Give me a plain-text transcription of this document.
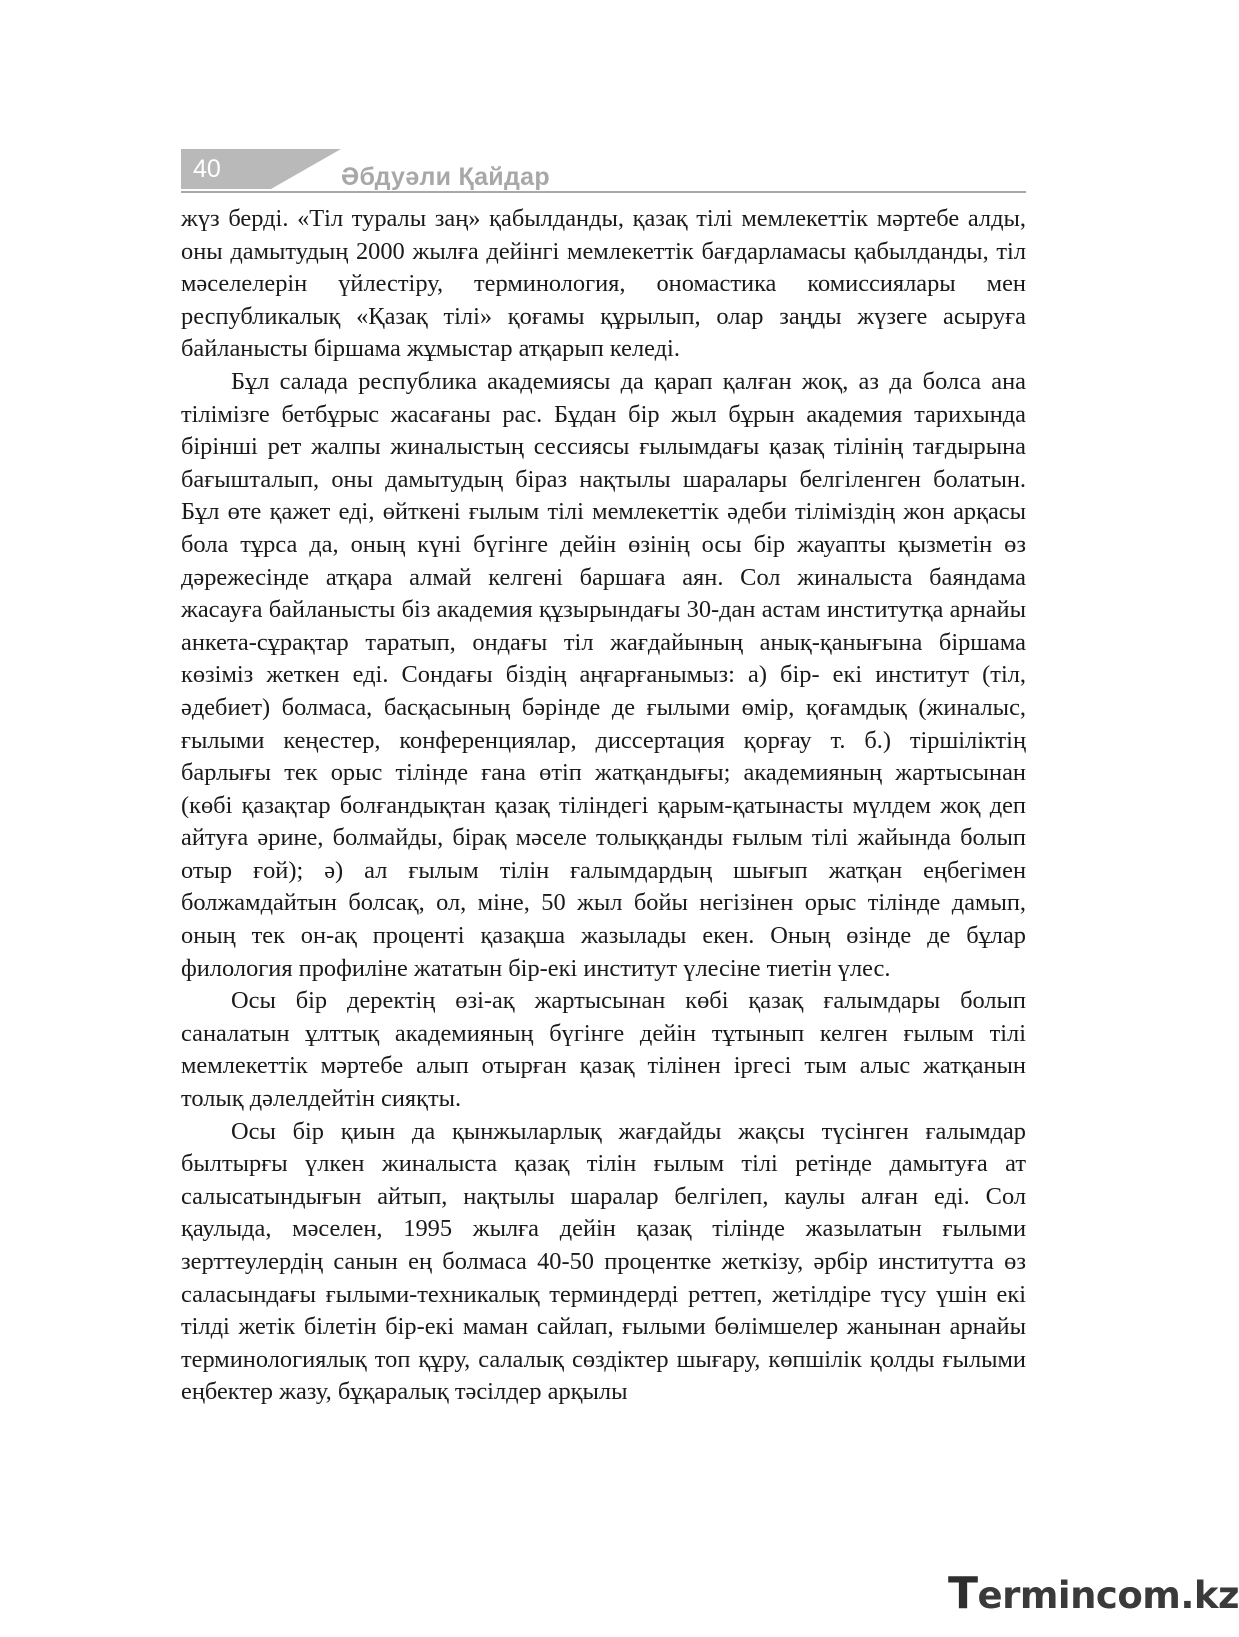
40	Әбдуәли Қайдар

жүз берді. «Тіл туралы заң» қабылданды, қазақ тілі мемлекеттік мәртебе алды, оны дамытудың 2000 жылға дейінгі мемлекеттік бағдарламасы қабылданды, тіл мәселелерін үйлестіру, терминология, ономастика комиссиялары мен республикалық «Қазақ тілі» қоғамы құрылып, олар заңды жүзеге асыруға байланысты біршама жұмыстар атқарып келеді.

Бұл салада республика академиясы да қарап қалған жоқ, аз да болса ана тілімізге бетбұрыс жасағаны рас. Бұдан бір жыл бұрын академия тарихында бірінші рет жалпы жиналыстың сессиясы ғылымдағы қазақ тілінің тағдырына бағышталып, оны дамытудың біраз нақтылы шаралары белгіленген болатын. Бұл өте қажет еді, өйткені ғылым тілі мемлекеттік әдеби тіліміздің жон арқасы бола тұрса да, оның күні бүгінге дейін өзінің осы бір жауапты қызметін өз дәрежесінде атқара алмай келгені баршаға аян. Сол жиналыста баяндама жасауға байланысты біз академия құзырындағы 30-дан астам институтқа арнайы анкета-сұрақтар таратып, ондағы тіл жағдайының анық-қанығына біршама көзіміз жеткен еді. Сондағы біздің аңғарғанымыз: а) бір- екі институт (тіл, әдебиет) болмаса, басқасының бәрінде де ғылыми өмір, қоғамдық (жиналыс, ғылыми кеңестер, конференциялар, диссертация қорғау т. б.) тіршіліктің барлығы тек орыс тілінде ғана өтіп жатқандығы; академияның жартысынан (көбі қазақтар болғандықтан қазақ тіліндегі қарым-қатынасты мүлдем жоқ деп айтуға әрине, болмайды, бірақ мәселе толыққанды ғылым тілі жайында болып отыр ғой); ә) ал ғылым тілін ғалымдардың шығып жатқан еңбегімен болжамдайтын болсақ, ол, міне, 50 жыл бойы негізінен орыс тілінде дамып, оның тек он-ақ проценті қазақша жазылады екен. Оның өзінде де бұлар филология профиліне жататын бір-екі институт үлесіне тиетін үлес.

Осы бір деректің өзі-ақ жартысынан көбі қазақ ғалымдары болып саналатын ұлттық академияның бүгінге дейін тұтынып келген ғылым тілі мемлекеттік мәртебе алып отырған қазақ тілінен іргесі тым алыс жатқанын толық дәлелдейтін сияқты.

Осы бір қиын да қынжыларлық жағдайды жақсы түсінген ғалымдар былтырғы үлкен жиналыста қазақ тілін ғылым тілі ретінде дамытуға ат салысатындығын айтып, нақтылы шаралар белгілеп, каулы алған еді. Сол қаулыда, мәселен, 1995 жылға дейін қазақ тілінде жазылатын ғылыми зерттеулердің санын ең болмаса 40-50 процентке жеткізу, әрбір институтта өз саласындағы ғылыми-техникалық терминдерді реттеп, жетілдіре түсу үшін екі тілді жетік білетін бір-екі маман сайлап, ғылыми бөлімшелер жанынан арнайы терминологиялық топ құру, салалық сөздіктер шығару, көпшілік қолды ғылыми еңбектер жазу, бұқаралық тәсілдер арқылы

Termincom.kz
